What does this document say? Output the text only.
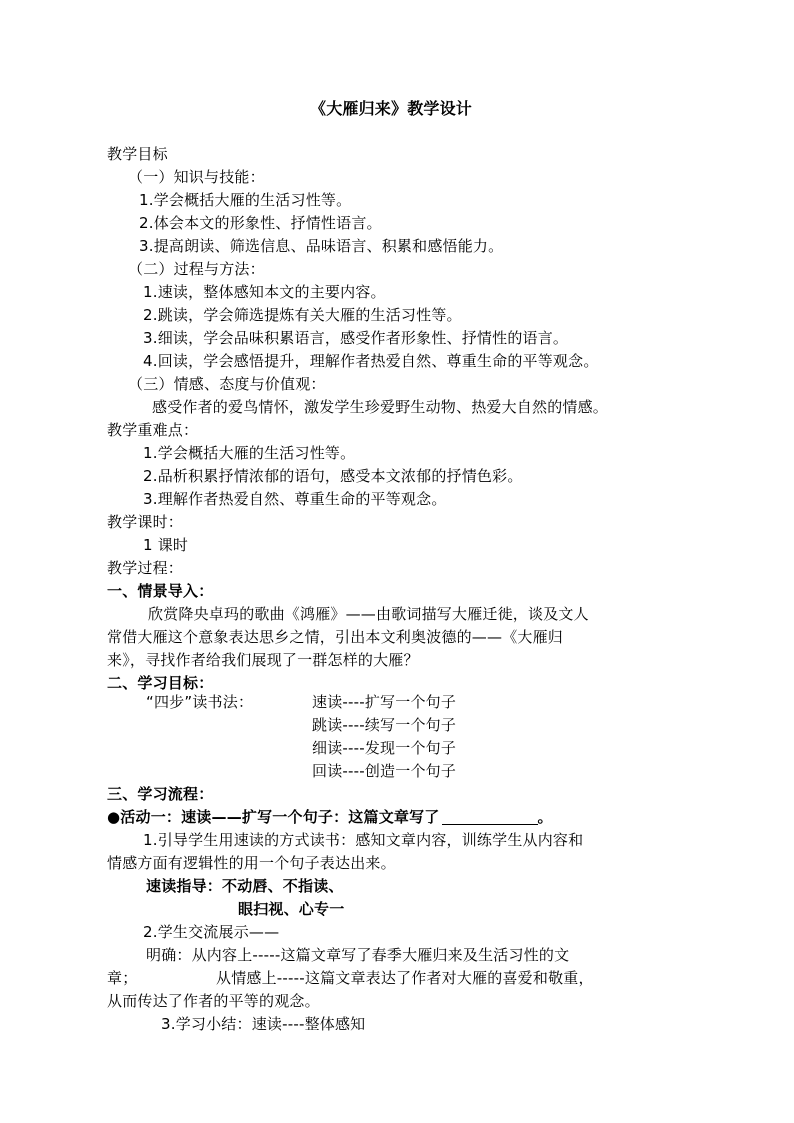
《大雁归来》教学设计
教学目标
（一）知识与技能：
1.学会概括大雁的生活习性等。
2.体会本文的形象性、抒情性语言。
3.提高朗读、筛选信息、品味语言、积累和感悟能力。
（二）过程与方法：
1.速读，整体感知本文的主要内容。
2.跳读，学会筛选提炼有关大雁的生活习性等。
3.细读，学会品味积累语言，感受作者形象性、抒情性的语言。
4.回读，学会感悟提升，理解作者热爱自然、尊重生命的平等观念。
（三）情感、态度与价值观：
感受作者的爱鸟情怀，激发学生珍爱野生动物、热爱大自然的情感。
教学重难点：
1.学会概括大雁的生活习性等。
2.品析积累抒情浓郁的语句，感受本文浓郁的抒情色彩。
3.理解作者热爱自然、尊重生命的平等观念。
教学课时：
1 课时
教学过程：
一、情景导入：
欣赏降央卓玛的歌曲《鸿雁》——由歌词描写大雁迁徙，谈及文人
常借大雁这个意象表达思乡之情，引出本文利奥波德的——《大雁归
来》，寻找作者给我们展现了一群怎样的大雁？
二、学习目标：
“四步”读书法：	速读----扩写一个句子
跳读----续写一个句子
细读----发现一个句子
回读----创造一个句子
三、学习流程：
●活动一：速读——扩写一个句子：这篇文章写了	。
1.引导学生用速读的方式读书：感知文章内容，训练学生从内容和
情感方面有逻辑性的用一个句子表达出来。
速读指导：不动唇、不指读、
眼扫视、心专一
2.学生交流展示——
明确：从内容上-----这篇文章写了春季大雁归来及生活习性的文
章；	从情感上-----这篇文章表达了作者对大雁的喜爱和敬重，
从而传达了作者的平等的观念。
3.学习小结：速读----整体感知
